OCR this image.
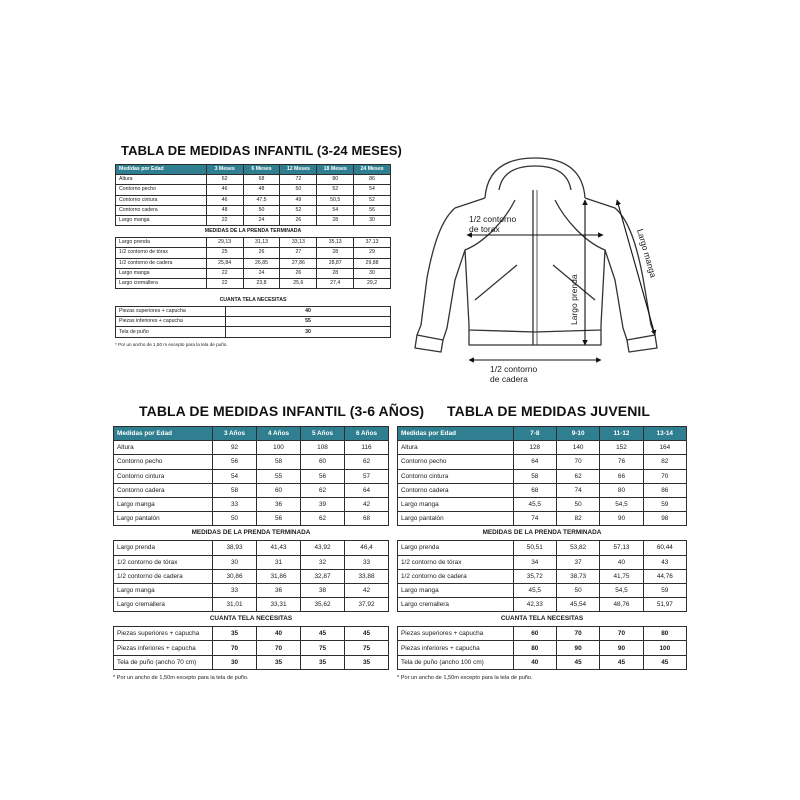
TABLA DE MEDIDAS INFANTIL (3-24 MESES)
Medidas por Edad	3 Meses	6 Meses	12 Meses	18 Meses	24 Meses
Altura	62	68	72	80	86
Contorno pecho	46	48	50	52	54
Contorno cintura	46	47,5	49	50,5	52
Contorno cadera	48	50	52	54	56
Largo manga	22	24	26	28	30
MEDIDAS DE LA PRENDA TERMINADA
Largo prenda	29,13	31,13	33,13	35,13	37,13
1/2 contorno de tórax	25	26	27	28	29
1/2 contorno de cadera	25,84	26,85	27,86	28,87	29,88
Largo manga	22	24	26	28	30
Largo cremallera	22	23,8	25,6	27,4	29,2
CUANTA TELA NECESITAS
Piezas superiores + capucha	40
Piezas inferiores + capucha	55
Tela de puño	30
* Por un ancho de 1,50 m excepto para la tela de puño.
1/2 contorno
de torax
1/2 contorno
de cadera
Largo prenda
Largo manga
TABLA DE MEDIDAS INFANTIL (3-6 AÑOS)
Medidas por Edad	3 Años	4 Años	5 Años	6 Años
Altura	92	100	108	116
Contorno pecho	56	58	60	62
Contorno cintura	54	55	56	57
Contorno cadera	58	60	62	64
Largo manga	33	36	39	42
Largo pantalón	50	56	62	68
MEDIDAS DE LA PRENDA TERMINADA
Largo prenda	38,93	41,43	43,92	46,4
1/2 contorno de tórax	30	31	32	33
1/2 contorno de cadera	30,86	31,86	32,87	33,88
Largo manga	33	36	38	42
Largo cremallera	31,01	33,31	35,62	37,92
CUANTA TELA NECESITAS
Piezas superiores + capucha	35	40	45	45
Piezas inferiores + capucha	70	70	75	75
Tela de puño (ancho 70 cm)	30	35	35	35
* Por un ancho de 1,50m excepto para la tela de puño.
TABLA DE MEDIDAS JUVENIL
Medidas por Edad	7-8	9-10	11-12	13-14
Altura	128	140	152	164
Contorno pecho	64	70	76	82
Contorno cintura	58	62	66	70
Contorno cadera	68	74	80	86
Largo manga	45,5	50	54,5	59
Largo pantalón	74	82	90	98
MEDIDAS DE LA PRENDA TERMINADA
Largo prenda	50,51	53,82	57,13	60,44
1/2 contorno de tórax	34	37	40	43
1/2 contorno de cadera	35,72	38,73	41,75	44,76
Largo manga	45,5	50	54,5	59
Largo cremallera	42,33	45,54	48,76	51,97
CUANTA TELA NECESITAS
Piezas superiores + capucha	60	70	70	80
Piezas inferiores + capucha	80	90	90	100
Tela de puño (ancho 100 cm)	40	45	45	45
* Por un ancho de 1,50m excepto para la tela de puño.
